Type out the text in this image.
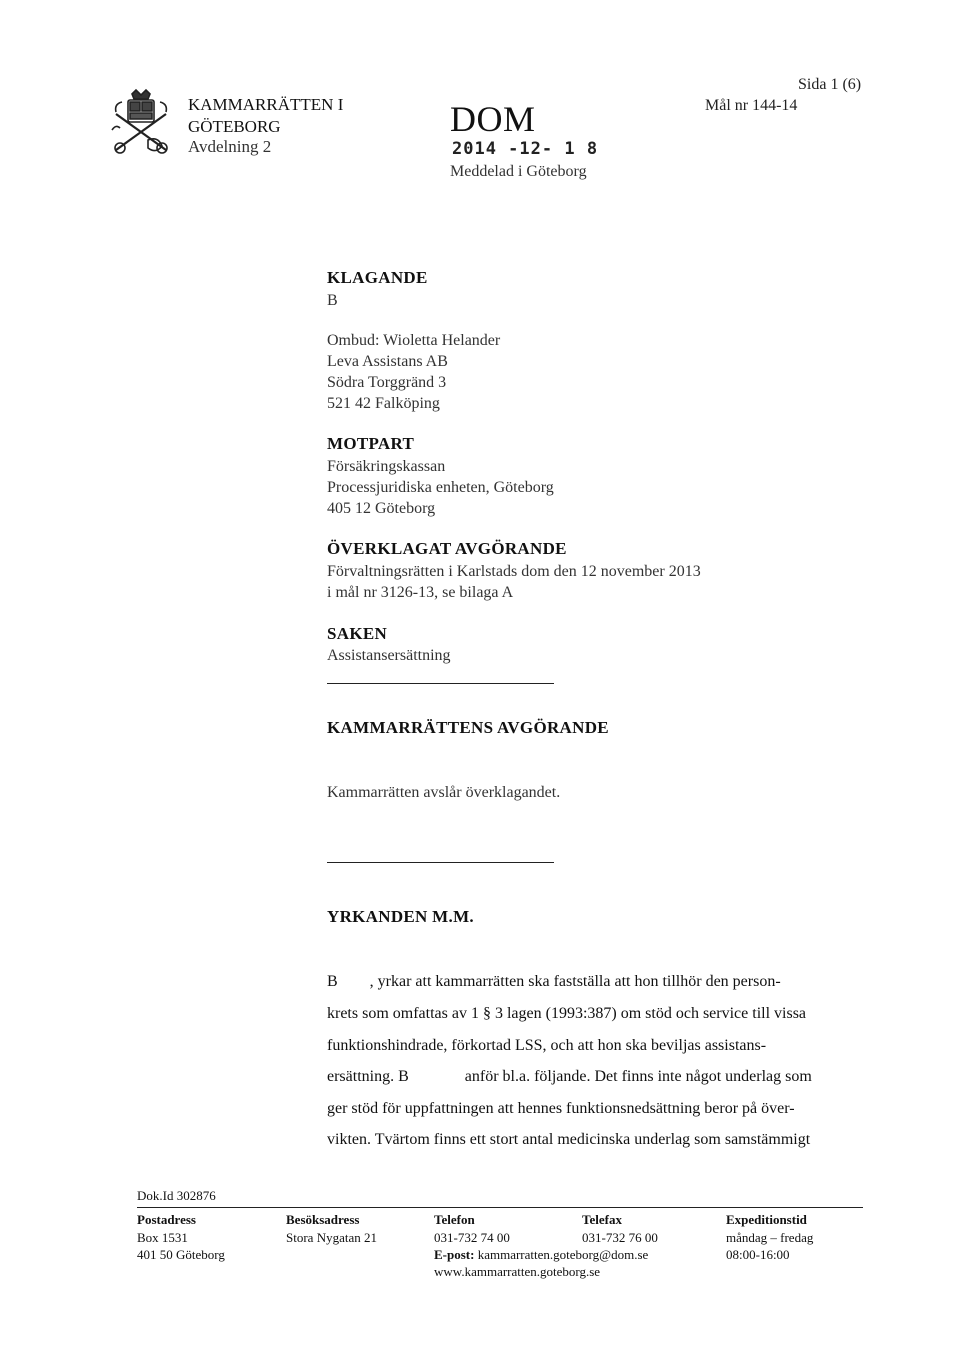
KAMMARRÄTTEN I
GÖTEBORG
Avdelning 2
DOM
2014 -12- 1 8
Meddelad i Göteborg
Sida 1 (6)
Mål nr 144-14
KLAGANDE
B
Ombud: Wioletta Helander
Leva Assistans AB
Södra Torggränd 3
521 42 Falköping
MOTPART
Försäkringskassan
Processjuridiska enheten, Göteborg
405 12 Göteborg
ÖVERKLAGAT AVGÖRANDE
Förvaltningsrätten i Karlstads dom den 12 november 2013
i mål nr 3126-13, se bilaga A
SAKEN
Assistansersättning
KAMMARRÄTTENS AVGÖRANDE
Kammarrätten avslår överklagandet.
YRKANDEN M.M.
B        , yrkar att kammarrätten ska fastställa att hon tillhör den person-
krets som omfattas av 1 § 3 lagen (1993:387) om stöd och service till vissa
funktionshindrade, förkortad LSS, och att hon ska beviljas assistans-
ersättning. B              anför bl.a. följande. Det finns inte något underlag som
ger stöd för uppfattningen att hennes funktionsnedsättning beror på över-
vikten. Tvärtom finns ett stort antal medicinska underlag som samstämmigt
Dok.Id 302876
Postadress
Box 1531
401 50 Göteborg
Besöksadress
Stora Nygatan 21
Telefon
031-732 74 00
Telefax
031-732 76 00
E-post: kammarratten.goteborg@dom.se
www.kammarratten.goteborg.se
Expeditionstid
måndag – fredag
08:00-16:00
